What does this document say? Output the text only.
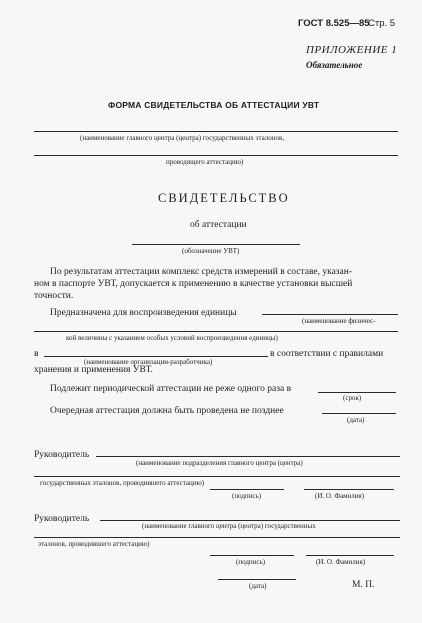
ГОСТ 8.525—85
Стр. 5
ПРИЛОЖЕНИЕ 1
Обязательное
ФОРМА СВИДЕТЕЛЬСТВА ОБ АТТЕСТАЦИИ УВТ
(наименование главного центра (центра) государственных эталонов,
проводящего аттестацию)
СВИДЕТЕЛЬСТВО
об аттестации
(обозначение УВТ)
По результатам аттестации комплекс средств измерений в составе, указан-
ном в паспорте УВТ, допускается к применению в качестве установки высшей
точности.
Предназначена для воспроизведения единицы
(наименование физичес-
кой величины с указанием особых условий воспроизведения единицы)
в	в соответствии с правилами
(наименование организации-разработчика)
хранения и применения УВТ.
Подлежит периодической аттестации не реже одного раза в
(срок)
Очередная аттестация должна быть проведена не позднее
(дата)
Руководитель
(наименование подразделения главного центра (центра)
государственных эталонов, проводившего аттестацию)
(подпись)	(И. О. Фамилия)
Руководитель
(наименование главного центра (центра) государственных
эталонов, проводившего аттестацию)
(подпись)	(И. О. Фамилия)
(дата)	М. П.
